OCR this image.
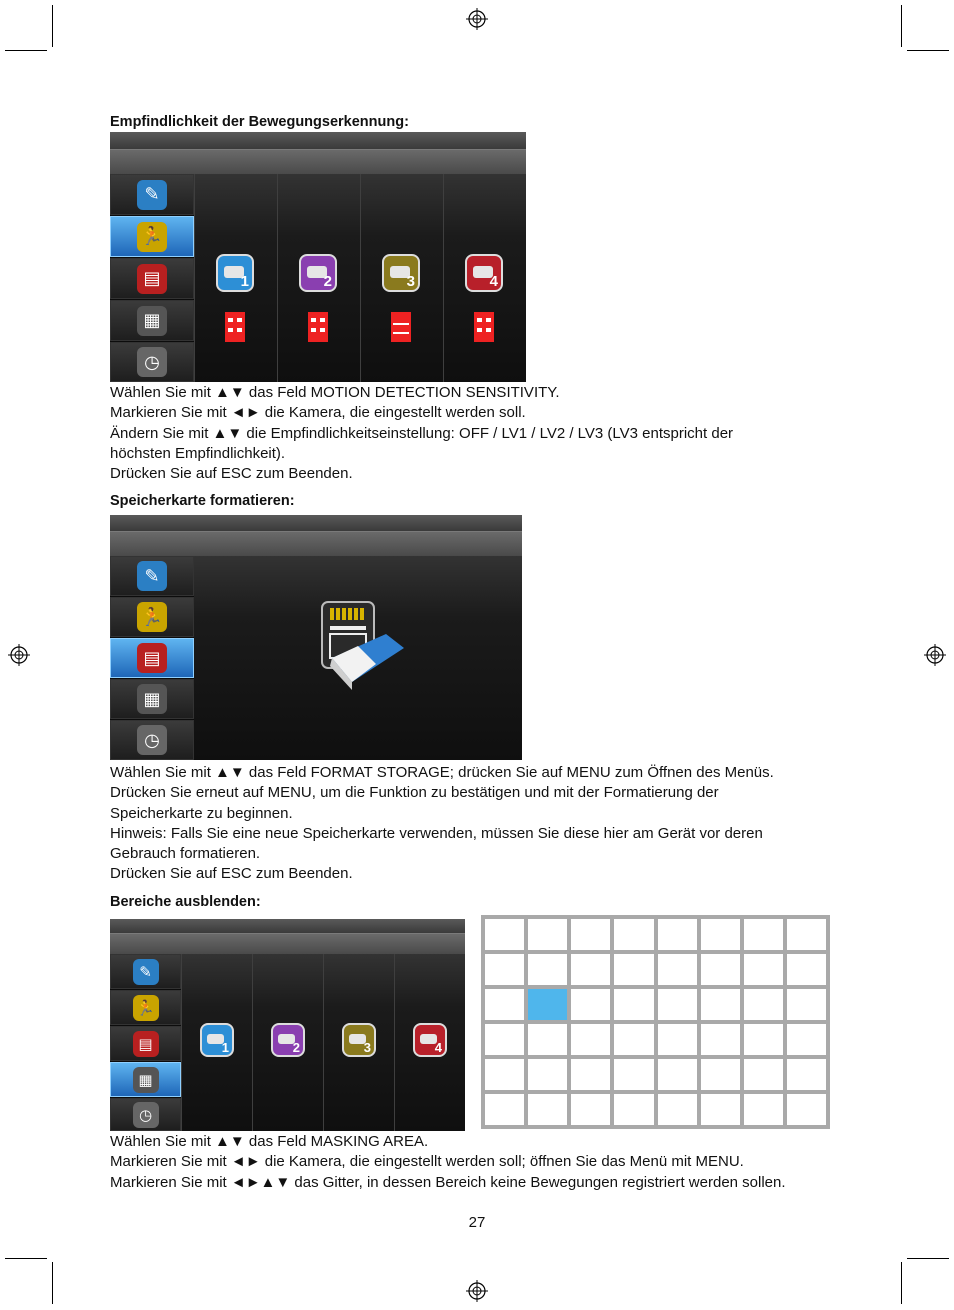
Empfindlichkeit der Bewegungserkennung:
✎
🏃
▤
▦
◷
1	2	3	4
Wählen Sie mit ▲▼ das Feld MOTION DETECTION SENSITIVITY.
Markieren Sie mit ◄► die Kamera, die eingestellt werden soll.
Ändern Sie mit ▲▼ die Empfindlichkeitseinstellung: OFF / LV1 / LV2 / LV3 (LV3 entspricht der
höchsten Empfindlichkeit).
Drücken Sie auf ESC zum Beenden.
Speicherkarte formatieren:
✎
🏃
▤
▦
◷
Wählen Sie mit ▲▼ das Feld FORMAT STORAGE; drücken Sie auf MENU zum Öffnen des Menüs.
Drücken Sie erneut auf MENU, um die Funktion zu bestätigen und mit der Formatierung der
Speicherkarte zu beginnen.
Hinweis: Falls Sie eine neue Speicherkarte verwenden, müssen Sie diese hier am Gerät vor deren
Gebrauch formatieren.
Drücken Sie auf ESC zum Beenden.
Bereiche ausblenden:
✎
🏃
▤
▦
◷
1	2	3	4
Wählen Sie mit ▲▼ das Feld MASKING AREA.
Markieren Sie mit ◄► die Kamera, die eingestellt werden soll; öffnen Sie das Menü mit MENU.
Markieren Sie mit ◄►▲▼ das Gitter, in dessen Bereich keine Bewegungen registriert werden sollen.
27
